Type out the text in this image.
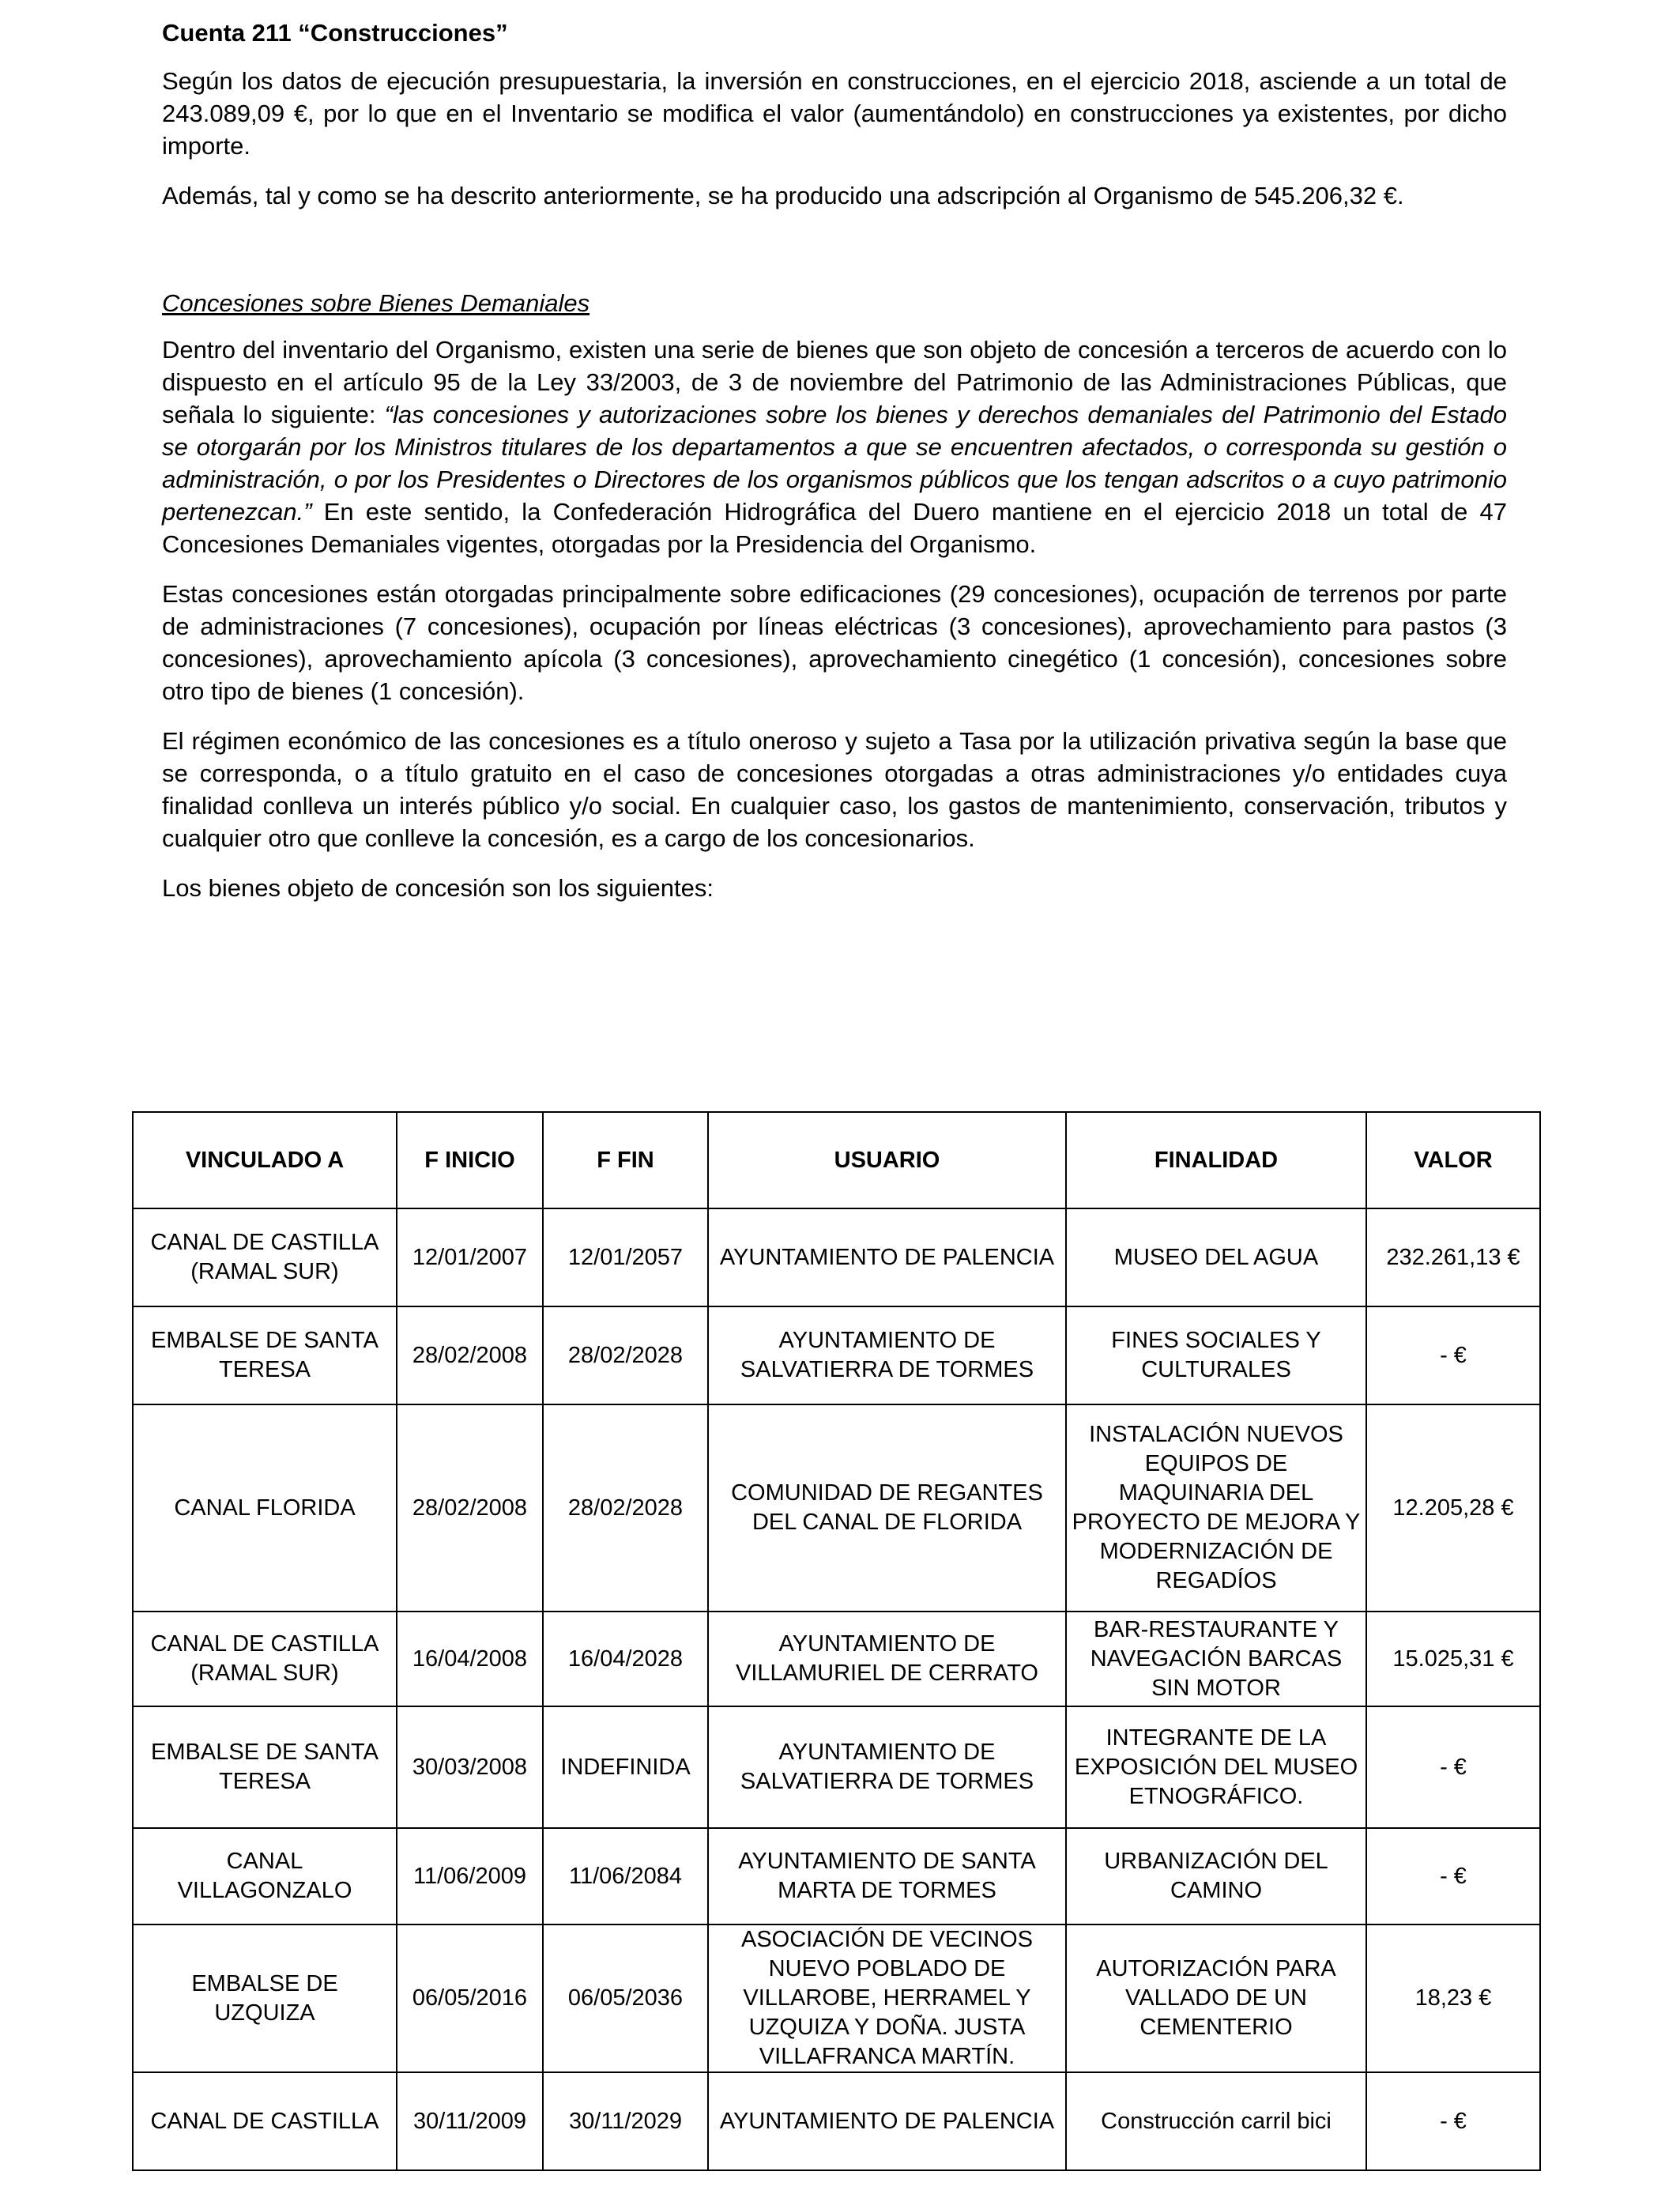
Cuenta 211 “Construcciones”

Según los datos de ejecución presupuestaria, la inversión en construcciones, en el ejercicio 2018, asciende a un total de 243.089,09 €, por lo que en el Inventario se modifica el valor (aumentándolo) en construcciones ya existentes, por dicho importe.

Además, tal y como se ha descrito anteriormente, se ha producido una adscripción al Organismo de 545.206,32 €.

Concesiones sobre Bienes Demaniales

Dentro del inventario del Organismo, existen una serie de bienes que son objeto de concesión a terceros de acuerdo con lo dispuesto en el artículo 95 de la Ley 33/2003, de 3 de noviembre del Patrimonio de las Administraciones Públicas, que señala lo siguiente: “las concesiones y autorizaciones sobre los bienes y derechos demaniales del Patrimonio del Estado se otorgarán por los Ministros titulares de los departamentos a que se encuentren afectados, o corresponda su gestión o administración, o por los Presidentes o Directores de los organismos públicos que los tengan adscritos o a cuyo patrimonio pertenezcan.” En este sentido, la Confederación Hidrográfica del Duero mantiene en el ejercicio 2018 un total de 47 Concesiones Demaniales vigentes, otorgadas por la Presidencia del Organismo.

Estas concesiones están otorgadas principalmente sobre edificaciones (29 concesiones), ocupación de terrenos por parte de administraciones (7 concesiones), ocupación por líneas eléctricas (3 concesiones), aprovechamiento para pastos (3 concesiones), aprovechamiento apícola (3 concesiones), aprovechamiento cinegético (1 concesión), concesiones sobre otro tipo de bienes (1 concesión).

El régimen económico de las concesiones es a título oneroso y sujeto a Tasa por la utilización privativa según la base que se corresponda, o a título gratuito en el caso de concesiones otorgadas a otras administraciones y/o entidades cuya finalidad conlleva un interés público y/o social. En cualquier caso, los gastos de mantenimiento, conservación, tributos y cualquier otro que conlleve la concesión, es a cargo de los concesionarios.

Los bienes objeto de concesión son los siguientes:

VINCULADO A	F INICIO	F FIN	USUARIO	FINALIDAD	VALOR
CANAL DE CASTILLA (RAMAL SUR)	12/01/2007	12/01/2057	AYUNTAMIENTO DE PALENCIA	MUSEO DEL AGUA	232.261,13 €
EMBALSE DE SANTA TERESA	28/02/2008	28/02/2028	AYUNTAMIENTO DE SALVATIERRA DE TORMES	FINES SOCIALES Y CULTURALES	- €
CANAL FLORIDA	28/02/2008	28/02/2028	COMUNIDAD DE REGANTES DEL CANAL DE FLORIDA	INSTALACIÓN NUEVOS EQUIPOS DE MAQUINARIA DEL PROYECTO DE MEJORA Y MODERNIZACIÓN DE REGADÍOS	12.205,28 €
CANAL DE CASTILLA (RAMAL SUR)	16/04/2008	16/04/2028	AYUNTAMIENTO DE VILLAMURIEL DE CERRATO	BAR-RESTAURANTE Y NAVEGACIÓN BARCAS SIN MOTOR	15.025,31 €
EMBALSE DE SANTA TERESA	30/03/2008	INDEFINIDA	AYUNTAMIENTO DE SALVATIERRA DE TORMES	INTEGRANTE DE LA EXPOSICIÓN DEL MUSEO ETNOGRÁFICO.	- €
CANAL VILLAGONZALO	11/06/2009	11/06/2084	AYUNTAMIENTO DE SANTA MARTA DE TORMES	URBANIZACIÓN DEL CAMINO	- €
EMBALSE DE UZQUIZA	06/05/2016	06/05/2036	ASOCIACIÓN DE VECINOS NUEVO POBLADO DE VILLAROBE, HERRAMEL Y UZQUIZA Y DOÑA. JUSTA VILLAFRANCA MARTÍN.	AUTORIZACIÓN PARA VALLADO DE UN CEMENTERIO	18,23 €
CANAL DE CASTILLA	30/11/2009	30/11/2029	AYUNTAMIENTO DE PALENCIA	Construcción carril bici	- €
